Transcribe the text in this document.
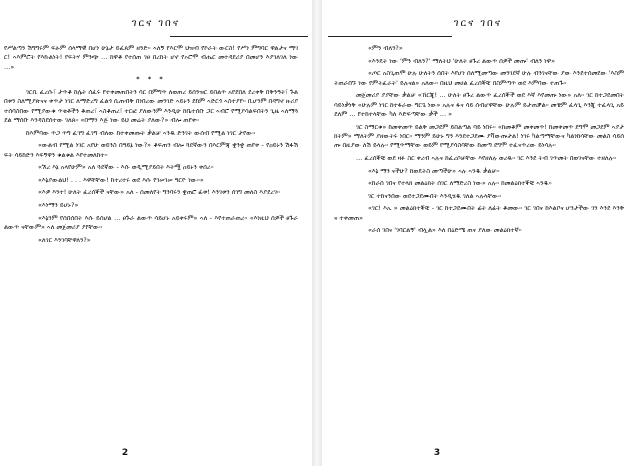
ገርና ገበና

የሥልጣን ሽግግሩም ፍፁም ሰላማዊ በሆነ ሁኔታ ይፈጸም ዘንድ። ኣለኝ የእርሞ ህዝብ የኮራት ውርስ! የሥነ ምግባር ዋልታና ማገር! ኣእምሮት የእኩልነት! የፍትሃ ምንጭ … ከዋቆ የተሰጠ ገፀ በረከት ሆኖ የኦሮሞ ብሔር መተዳደሪያ በመሆን እያገለገለ ነው …»

* * *

ገርቢ ፈረሱ፣ ታጥቆ ከሌት ሰፈሩ የተቀመጠበትን ሳር በምግጥ ለወጠረ ይሰንዝር ይበልጥ አየደበለ ደረቀቅ በቅንዓት፣ ጉልበቱን ስለሚያጽናና ቀጥታ ነገር ለማድረግ ፈልጎ ሲጠብቅ በነበረው መንገድ ኣይኑን ደከም ኣድርጎ ኣስተያየ። ቢሆንም በዳግኖ ዙሪያ ተሰባስበው የሚያውቁ ጥቂቶችን ቆጠረ፣ ኣስቆጠረ፣ ተርፎ ያለውንም እንዲሁ ከቤተሰቡ ጋር ኣብሮ የሚያሳልፍበትን ጊዜ ኣለማጓደል ማሰቡ እንዳስደሰተው ገለጸ። «በማን እጅ ነው ይህ መሬት ያለው?» ብሎ ጠየቀ።

ከእምባው ጥጋ ጥግ ፈገግ ፈገግ ብለው ከተቀመጡት ቃልቻ ኣንዱ ድንገት ውሰብ የሚል ነገር ታየው።

«ውልብ የሚል ነገር አየሁ ወይንስ በዓይኔ ነው?» ቆፍጠን ብሎ ጓደኛውን በእርምጃ ቋንቋ ጠየቀ - የዐይኑን ሽፋሽፍት ሳይከድን እፍኝዋን ቁልቁል እየተመለከተ።

«ኧረ እኔ አላየሁም» አለ ጓደኛው - እሱ ወዲሚያይበት እትሟ ዐይኑን ቀሰረ።

«እኔያውልህ! . . . እዋቸቸው! ከተረተሩ ወደ እሱ የገሠገሠ ዓርዮ ነው።»

«እዎ እንተ! ሁለት ፈረሰኞች ናቸው» አለ - ሰመለየት ግንባሩን ቋጠሮ ፊቱ! እንገቱን ሰገግ መለስ እያደረገ።

«እነማን ይሆኑ?»

«እኔንም የሰበሰበት እሱ ይሰሆል … ፀጉራ ልውጥ ሳይሆኑ አይቀሩም» ኣለ - እየተጠራጠረ። «እነዚህ ሰዎች ፀጉራ ልውጥ ናቸውም» ኣለ መጀመሪያ ያየቸው።

«ለገር እንገባቸዋለን?»

2
ገርና ገበና

«ምን ብለን?»

«እንዴት ነው 'ምን ብለን?' ማለትህ 'ሁለት ፀጉረ ልውጥ ሰዎች መጡ' ብለን ነዋ»

«ጦር አስጊጠሞ ሁሉ ሁለትን ሰበት እየሆነ ሰለሚመጣው መንገደኛ ሁሉ ብንገናቸው ያው እንደተሰመደው 'እስምትጠራበኙ ነው የምትፈራት' ይሉናል» አለው። በዚህ መሀል ፈረሰኞቹ በስምጣጥ ወደ እምባው ተጠጉ።

መጀመሪያ ያያቸው ቃልቻ «ኸርጂ! … ሁለት ፀጉረ ልውጥ ፈረሰኞች ወደ እኛ እየመጡ ነው» አለ። ገር ከተጋደመበት ሳይነቃነቅ «ሁሉም ነገር ከተፋራው ግርጌ ነው» አሉና ፋና ሳይ ሰብሆዋቸው ሁሉም ይታጠቓል። መቼም ፈላጊ እንጂ ተፈላጊ አይደለም … የተከተላቸው ካለ እድፍጣቸው ቃች … »

ገር ስማርቁ» ከመቀመጥ ይልቅ መጋደም ይበልጣል ባይ ነበሩ። «ከመቆም መቀመጥ! ከመቀመጥ ደግሞ መጋደም ኣያታክትም» ማለትም ያዘውትሩ ነበር። ማንም ይሁኑ ግን እንደተጋደሙ ያቫውጡታል! ነገሩ ካልጣማቸውና ካልነከሳቸው መልስ ሳይሰጡ በዚያው ለሽ ይላሉ። የሚጥማቸው ወይም የሚያሳስባቸው ከመጣ ደግሞ ተፈናጥረው ይነሳሉ።

… ፈረሰኞቹ ወደ ዛፉ ስር ቀረብ ኣሉና ከፈረሶቻቸው እየዘለሉ ወረዱ። ገር እንደ ትብ ገጥመት በወገናቸው ተዘለሉ።

«እኔ ማን ናችሁ? ከወዴትስ መጣችሁ» ኣሉ ኣንዱ ቃልቻ።

«ከራሰ ገበና የተላክ መልዕክት ሰገር ለማድረስ ነው» አሉ። ከመልዕክተኞቹ ኣንዱ።

ገር ተከናንበው ወደተጋደሙበት እንዲሄዱ ገለል ኣሉላቸው።

«ገር! እኡ » መልዕክተኞቹ - ገር ከተጋደሙበት ፊት ለፊት ቆመው። ገር ገበና ከእልቦና ሆንታችው ገን እንደ እንቅና ተቀመጠ»

«ራሰ ገበና 'ገባርልኝ' ብሏል» እለ በዕድሜ ጠና ያለው መልዕክተኛ።

3
